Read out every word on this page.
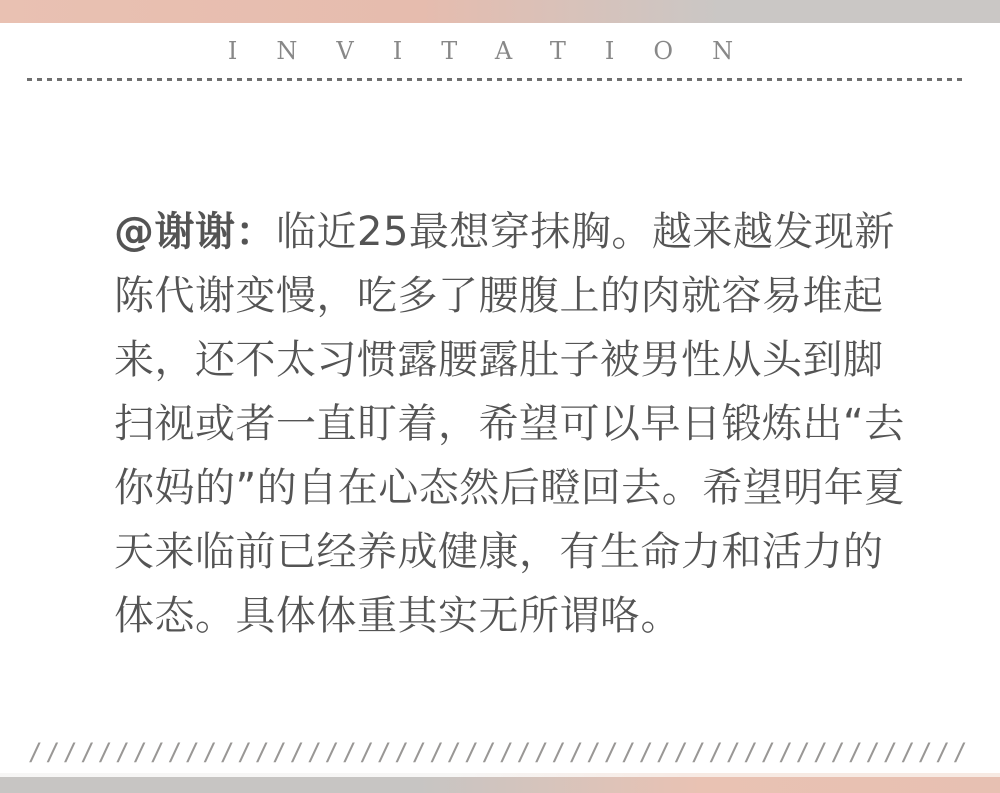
INVITATION
@谢谢：临近25最想穿抹胸。越来越发现新
陈代谢变慢，吃多了腰腹上的肉就容易堆起
来，还不太习惯露腰露肚子被男性从头到脚
扫视或者一直盯着，希望可以早日锻炼出“去
你妈的”的自在心态然后瞪回去。希望明年夏
天来临前已经养成健康，有生命力和活力的
体态。具体体重其实无所谓咯。
//////////////////////////////////////////////////////
